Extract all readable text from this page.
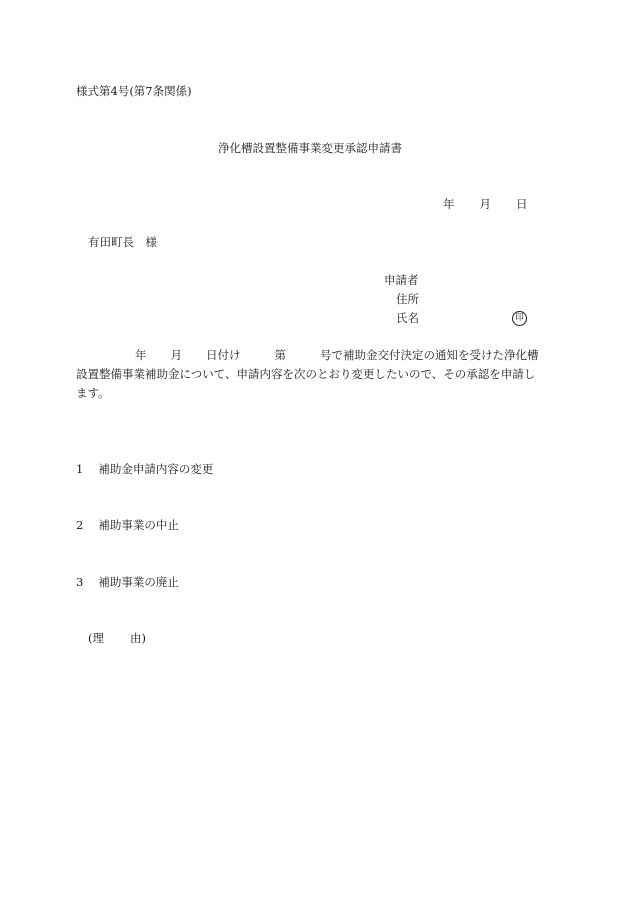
様式第4号(第7条関係)
浄化槽設置整備事業変更承認申請書
年 月 日
有田町長　様
申請者
住所
氏名	印
年 月 日付け	第	号で補助金交付決定の通知を受けた浄化槽
設置整備事業補助金について、申請内容を次のとおり変更したいので、その承認を申請し
ます。
1 補助金申請内容の変更
2 補助事業の中止
3 補助事業の廃止
(理 由)
